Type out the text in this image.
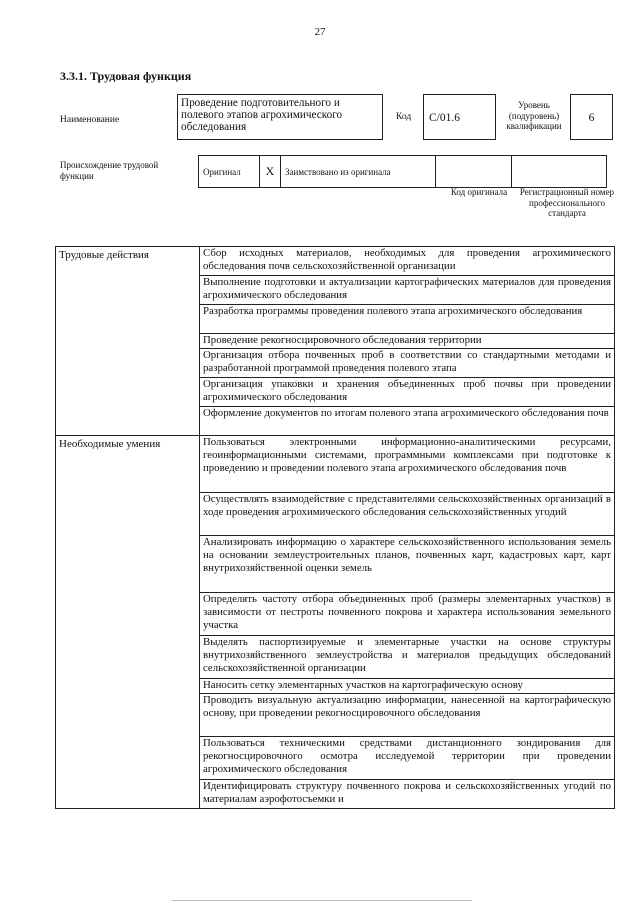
27
3.3.1. Трудовая функция
Наименование
Проведение подготовительного и полевого этапов агрохимического обследования
Код	C/01.6
Уровень (подуровень) квалификации
6
Происхождение трудовой функции	Оригинал	X	Заимствовано из оригинала		
Код оригинала	Регистрационный номер профессионального стандарта
Трудовые действия	Сбор исходных материалов, необходимых для проведения агрохимического обследования почв сельскохозяйственной организации
	Выполнение подготовки и актуализации картографических материалов для проведения агрохимического обследования
	Разработка программы проведения полевого этапа агрохимического обследования
	Проведение рекогносцировочного обследования территории
	Организация отбора почвенных проб в соответствии со стандартными методами и разработанной программой проведения полевого этапа
	Организация упаковки и хранения объединенных проб почвы при проведении агрохимического обследования
	Оформление документов по итогам полевого этапа агрохимического обследования почв
Необходимые умения	Пользоваться электронными информационно-аналитическими ресурсами, геоинформационными системами, программными комплексами при подготовке к проведению и проведении полевого этапа агрохимического обследования почв
	Осуществлять взаимодействие с представителями сельскохозяйственных организаций в ходе проведения агрохимического обследования сельскохозяйственных угодий
	Анализировать информацию о характере сельскохозяйственного использования земель на основании землеустроительных планов, почвенных карт, кадастровых карт, карт внутрихозяйственной оценки земель
	Определять частоту отбора объединенных проб (размеры элементарных участков) в зависимости от пестроты почвенного покрова и характера использования земельного участка
	Выделять паспортизируемые и элементарные участки на основе структуры внутрихозяйственного землеустройства и материалов предыдущих обследований сельскохозяйственной организации
	Наносить сетку элементарных участков на картографическую основу
	Проводить визуальную актуализацию информации, нанесенной на картографическую основу, при проведении рекогносцировочного обследования
	Пользоваться техническими средствами дистанционного зондирования для рекогносцировочного осмотра исследуемой территории при проведении агрохимического обследования
	Идентифицировать структуру почвенного покрова и сельскохозяйственных угодий по материалам аэрофотосъемки и
